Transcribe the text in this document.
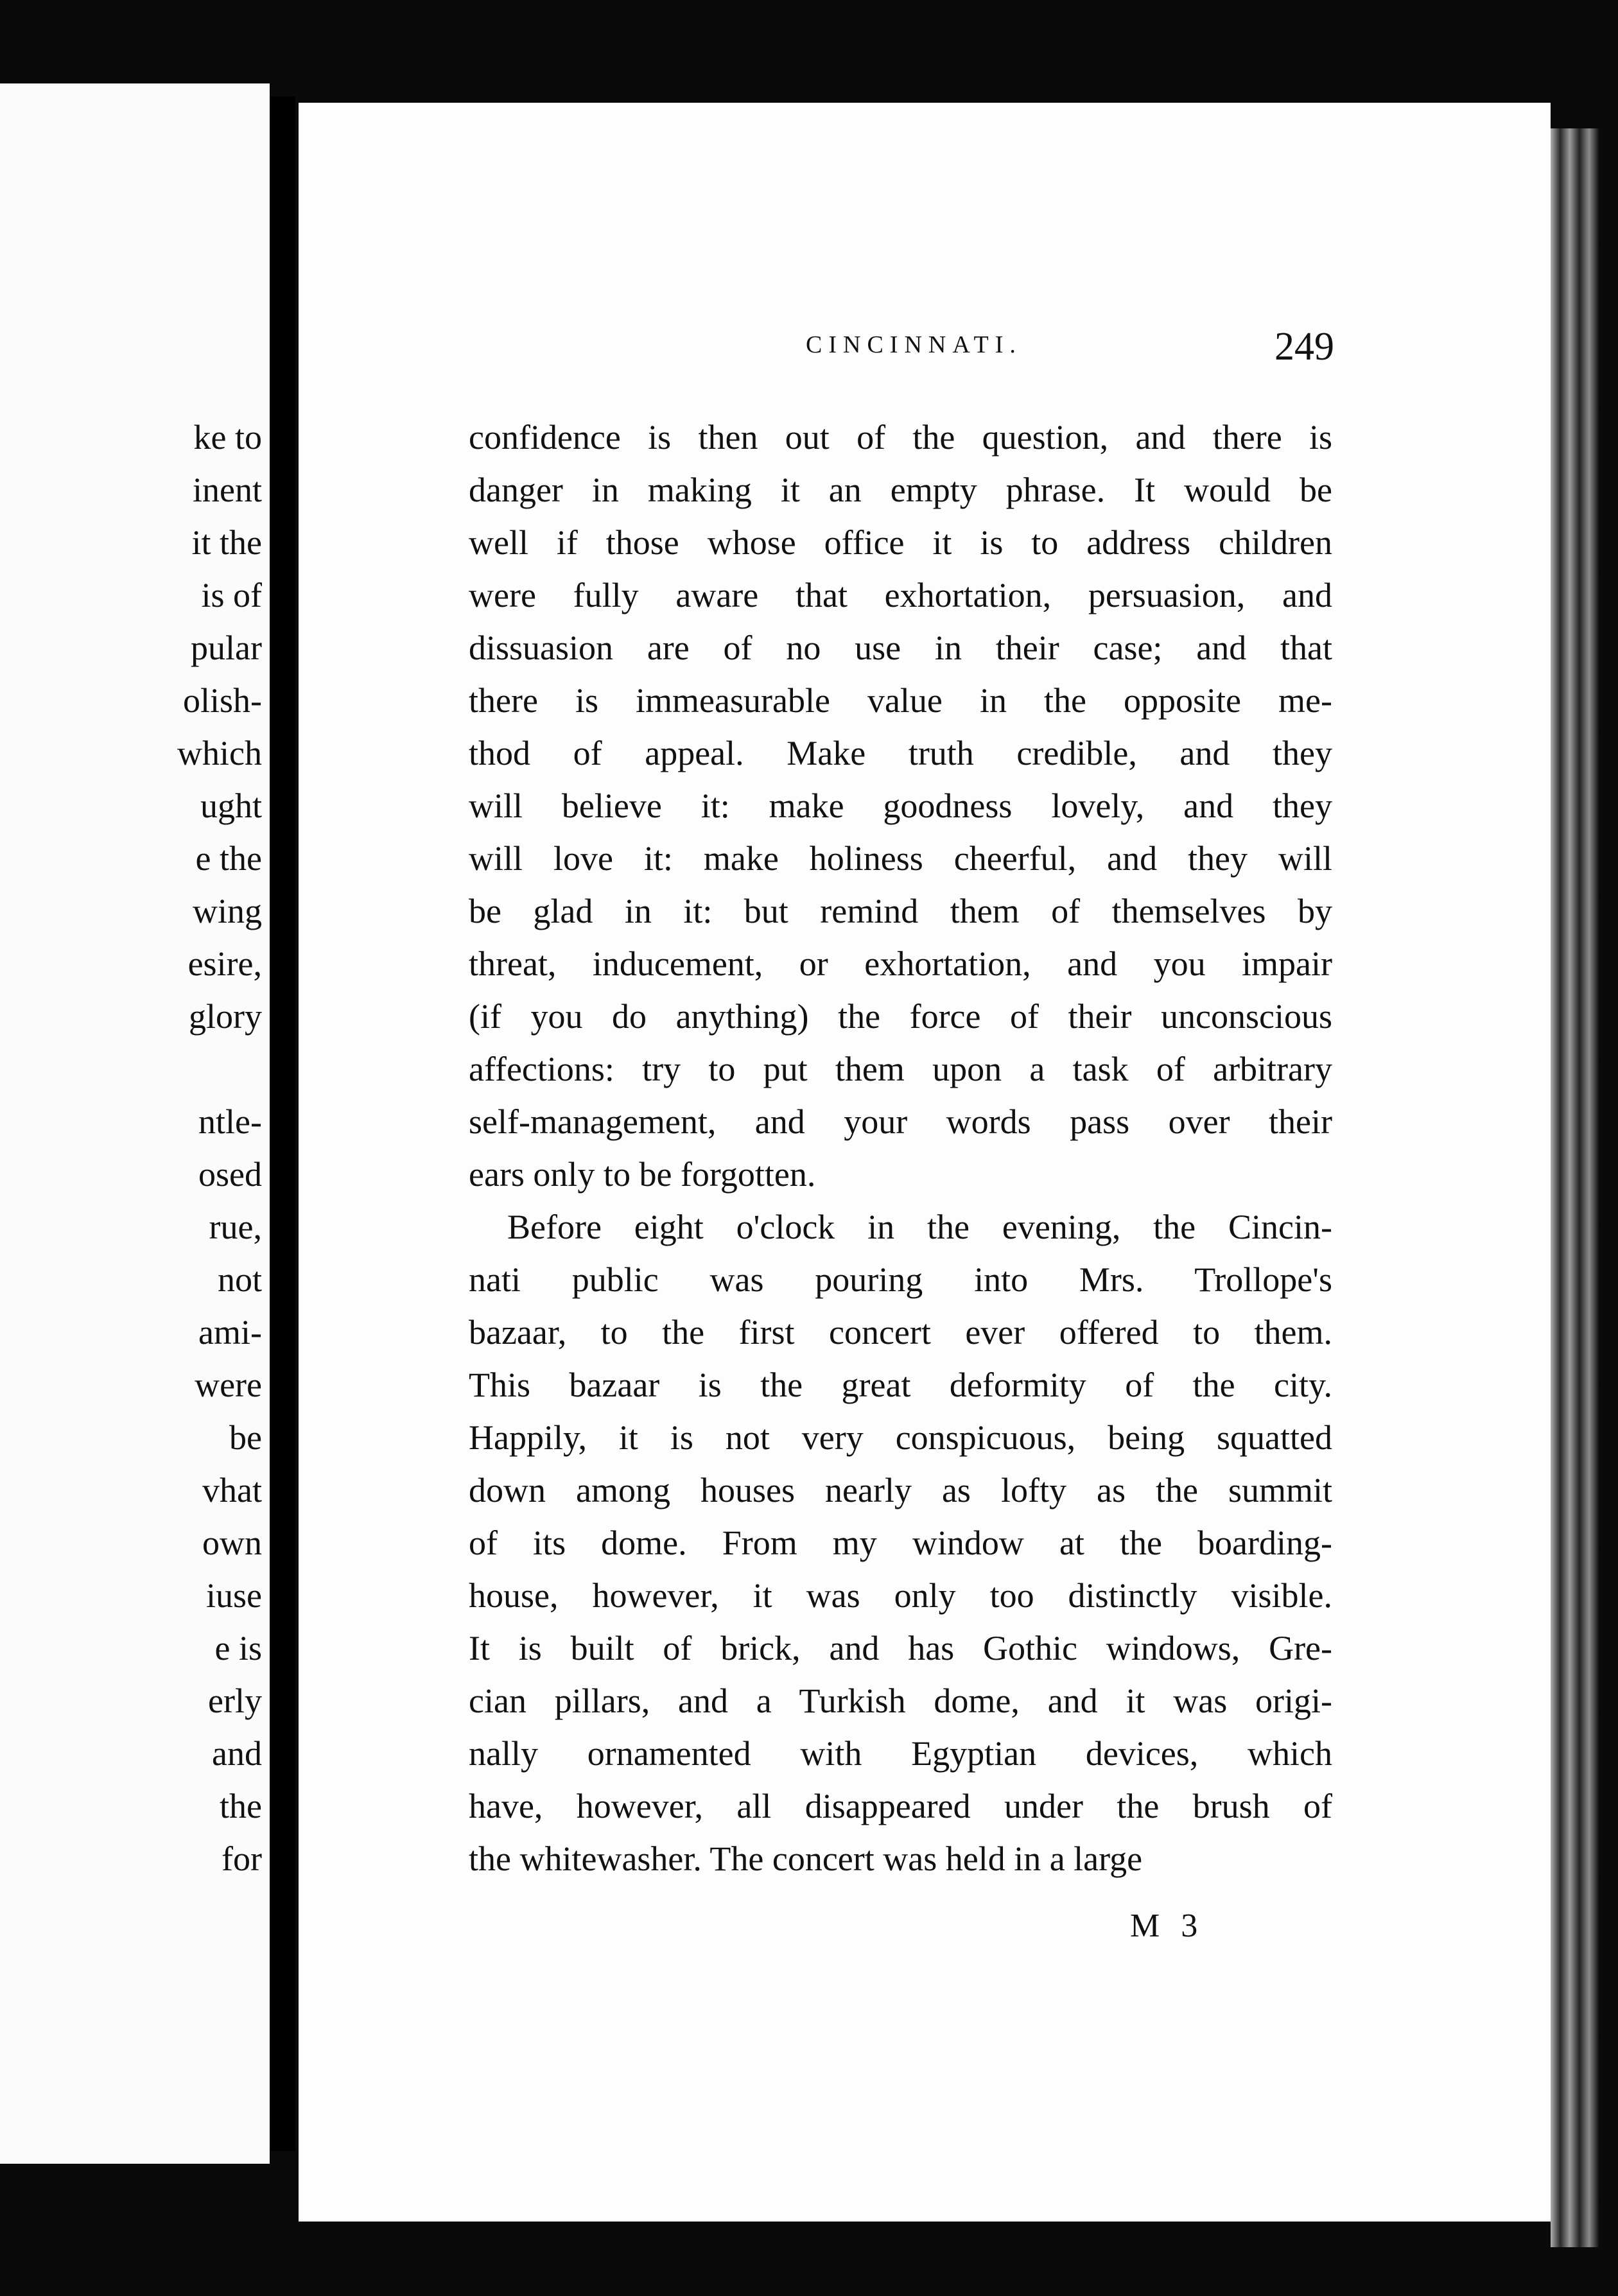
ke to
inent
it the
is of
pular
olish-
which
ught
e the
wing
esire,
glory
ntle-
osed
rue,
not
ami-
were
be
vhat
own
iuse
e is
erly
and
the
for
CINCINNATI.	249
confidence is then out of the question, and there is
danger in making it an empty phrase. It would be
well if those whose office it is to address children
were fully aware that exhortation, persuasion, and
dissuasion are of no use in their case; and that
there is immeasurable value in the opposite me-
thod of appeal. Make truth credible, and they
will believe it: make goodness lovely, and they
will love it: make holiness cheerful, and they will
be glad in it: but remind them of themselves by
threat, inducement, or exhortation, and you impair
(if you do anything) the force of their unconscious
affections: try to put them upon a task of arbitrary
self-management, and your words pass over their
ears only to be forgotten.
Before eight o'clock in the evening, the Cincin-
nati public was pouring into Mrs. Trollope's
bazaar, to the first concert ever offered to them.
This bazaar is the great deformity of the city.
Happily, it is not very conspicuous, being squatted
down among houses nearly as lofty as the summit
of its dome. From my window at the boarding-
house, however, it was only too distinctly visible.
It is built of brick, and has Gothic windows, Gre-
cian pillars, and a Turkish dome, and it was origi-
nally ornamented with Egyptian devices, which
have, however, all disappeared under the brush of
the whitewasher. The concert was held in a large
M 3
